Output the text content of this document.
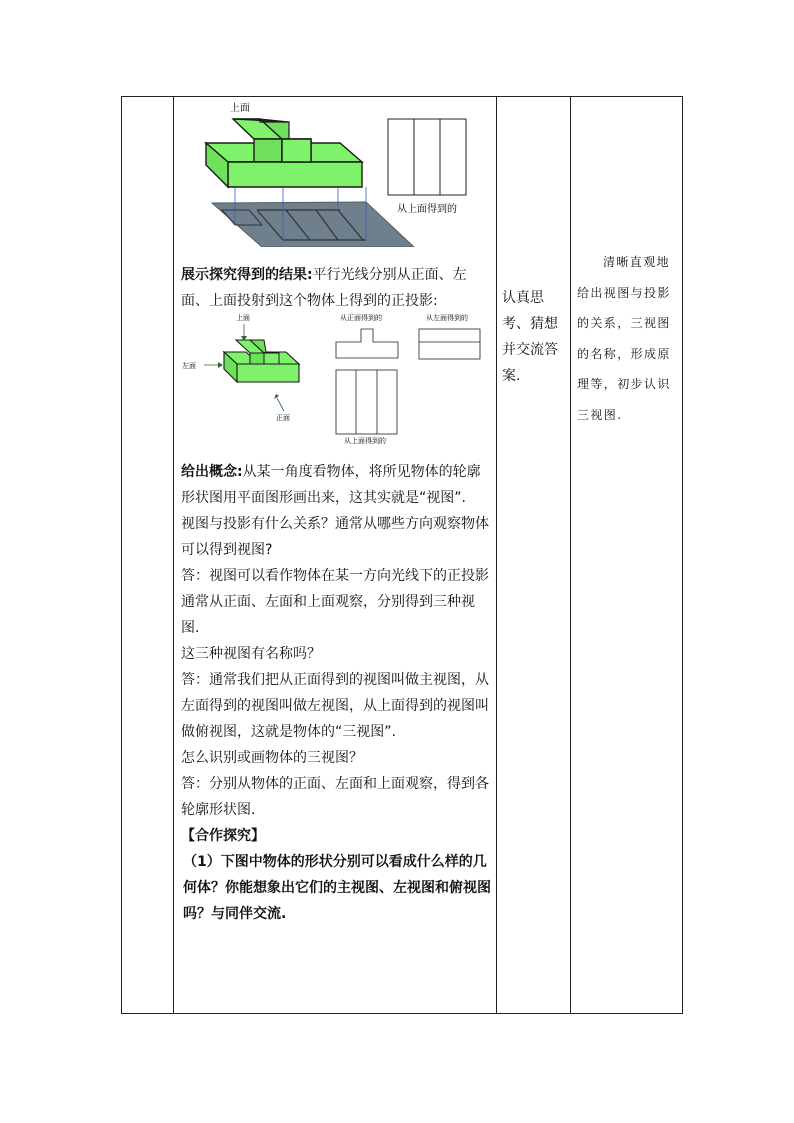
上面
从上面得到的

展示探究得到的结果:平行光线分别从正面、左面、上面投射到这个物体上得到的正投影:

上面
左面
正面
从正面得到的	从左面得到的
从上面得到的
给出概念:从某一角度看物体，将所见物体的轮廓形状图用平面图形画出来，这其实就是“视图”.
视图与投影有什么关系？通常从哪些方向观察物体可以得到视图?
答：视图可以看作物体在某一方向光线下的正投影通常从正面、左面和上面观察，分别得到三种视图.
这三种视图有名称吗？
答：通常我们把从正面得到的视图叫做主视图，从左面得到的视图叫做左视图，从上面得到的视图叫做俯视图，这就是物体的“三视图”.
怎么识别或画物体的三视图？
答：分别从物体的正面、左面和上面观察，得到各轮廓形状图.
【合作探究】
（1）下图中物体的形状分别可以看成什么样的几何体？你能想象出它们的主视图、左视图和俯视图吗？与同伴交流.

认真思考、猜想并交流答案.

清晰直观地给出视图与投影的关系，三视图的名称，形成原理等，初步认识三视图.
